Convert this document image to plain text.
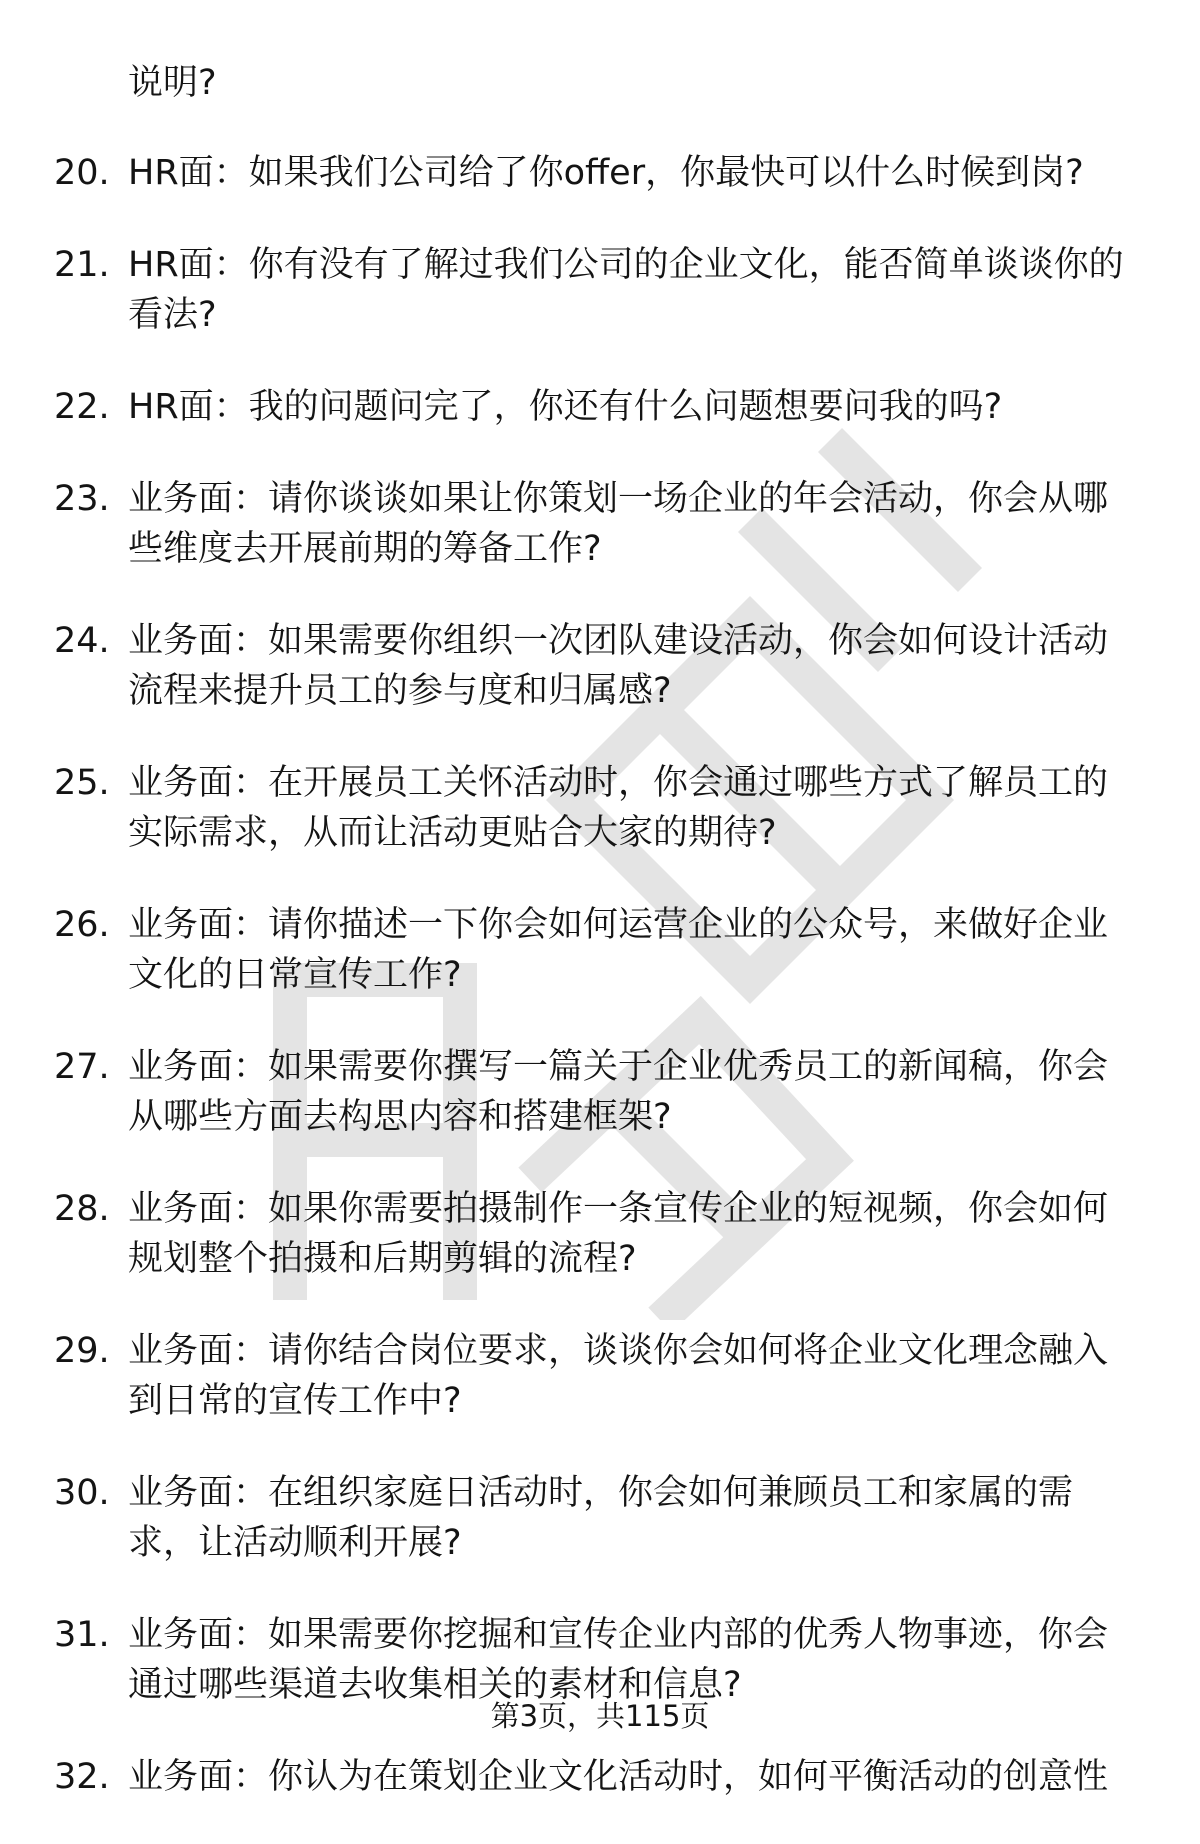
说明?
20. HR面：如果我们公司给了你offer，你最快可以什么时候到岗?
21. HR面：你有没有了解过我们公司的企业文化，能否简单谈谈你的
看法?
22. HR面：我的问题问完了，你还有什么问题想要问我的吗?
23. 业务面：请你谈谈如果让你策划一场企业的年会活动，你会从哪
些维度去开展前期的筹备工作?
24. 业务面：如果需要你组织一次团队建设活动，你会如何设计活动
流程来提升员工的参与度和归属感?
25. 业务面：在开展员工关怀活动时，你会通过哪些方式了解员工的
实际需求，从而让活动更贴合大家的期待?
26. 业务面：请你描述一下你会如何运营企业的公众号，来做好企业
文化的日常宣传工作?
27. 业务面：如果需要你撰写一篇关于企业优秀员工的新闻稿，你会
从哪些方面去构思内容和搭建框架?
28. 业务面：如果你需要拍摄制作一条宣传企业的短视频，你会如何
规划整个拍摄和后期剪辑的流程?
29. 业务面：请你结合岗位要求，谈谈你会如何将企业文化理念融入
到日常的宣传工作中?
30. 业务面：在组织家庭日活动时，你会如何兼顾员工和家属的需
求，让活动顺利开展?
31. 业务面：如果需要你挖掘和宣传企业内部的优秀人物事迹，你会
通过哪些渠道去收集相关的素材和信息?
32. 业务面：你认为在策划企业文化活动时，如何平衡活动的创意性
第3页，共115页
